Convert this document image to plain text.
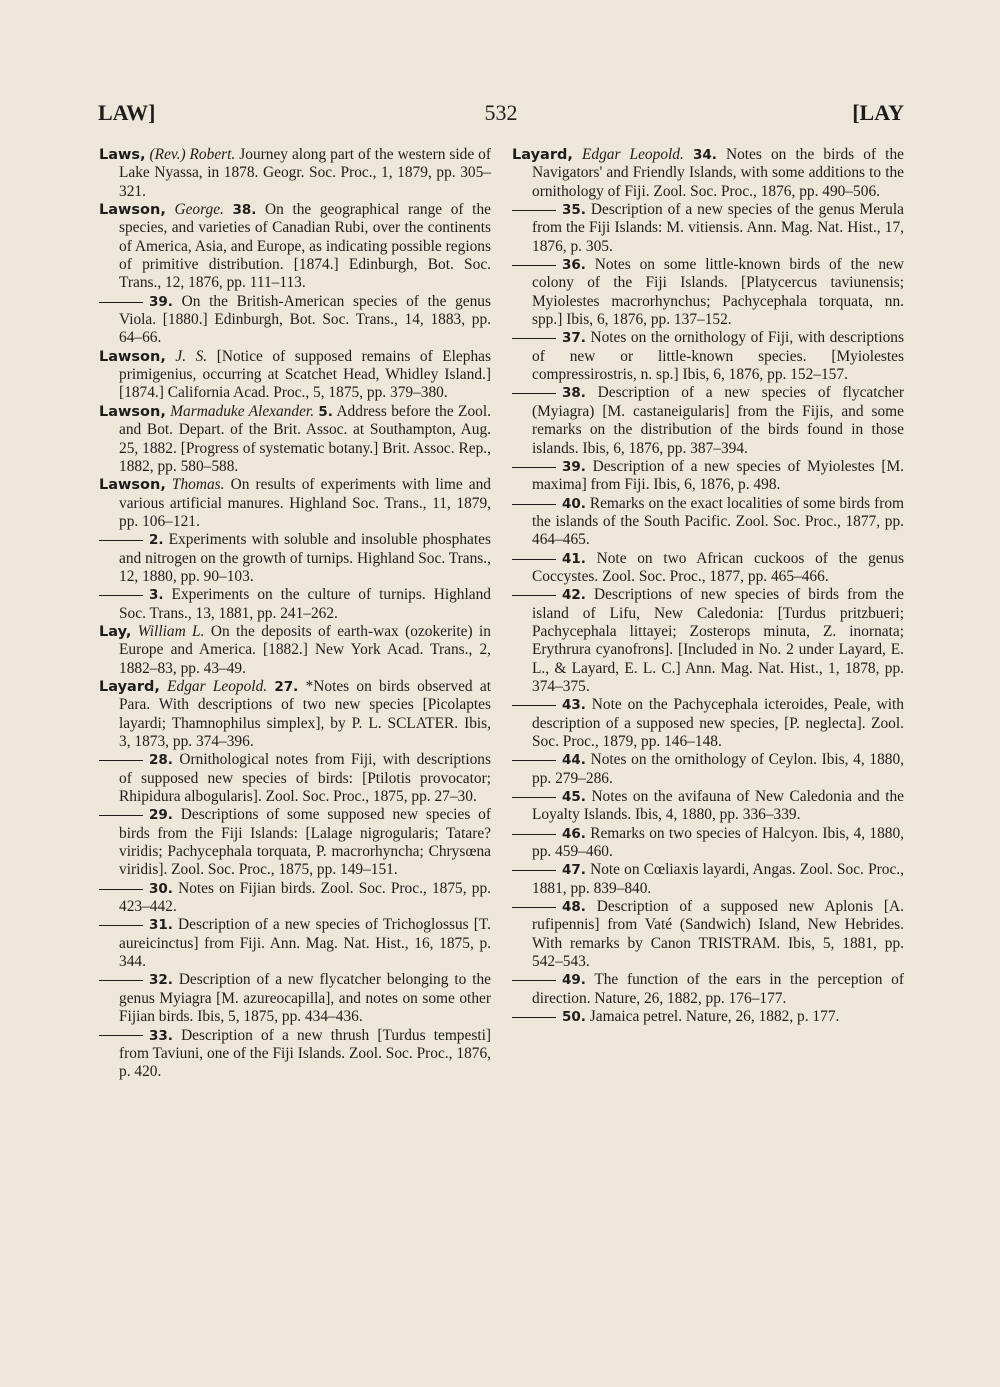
LAW]	532	[LAY

Laws, (Rev.) Robert. Journey along part of the western side of Lake Nyassa, in 1878. Geogr. Soc. Proc., 1, 1879, pp. 305–321.

Lawson, George. 38. On the geographical range of the species, and varieties of Canadian Rubi, over the continents of America, Asia, and Europe, as indicating possible regions of primitive distribution. [1874.] Edinburgh, Bot. Soc. Trans., 12, 1876, pp. 111–113.

39. On the British-American species of the genus Viola. [1880.] Edinburgh, Bot. Soc. Trans., 14, 1883, pp. 64–66.

Lawson, J. S. [Notice of supposed remains of Elephas primigenius, occurring at Scatchet Head, Whidley Island.] [1874.] California Acad. Proc., 5, 1875, pp. 379–380.

Lawson, Marmaduke Alexander. 5. Address before the Zool. and Bot. Depart. of the Brit. Assoc. at Southampton, Aug. 25, 1882. [Progress of systematic botany.] Brit. Assoc. Rep., 1882, pp. 580–588.

Lawson, Thomas. On results of experiments with lime and various artificial manures. Highland Soc. Trans., 11, 1879, pp. 106–121.

2. Experiments with soluble and insoluble phosphates and nitrogen on the growth of turnips. Highland Soc. Trans., 12, 1880, pp. 90–103.

3. Experiments on the culture of turnips. Highland Soc. Trans., 13, 1881, pp. 241–262.

Lay, William L. On the deposits of earth-wax (ozokerite) in Europe and America. [1882.] New York Acad. Trans., 2, 1882–83, pp. 43–49.

Layard, Edgar Leopold. 27. *Notes on birds observed at Para. With descriptions of two new species [Picolaptes layardi; Thamnophilus simplex], by P. L. SCLATER. Ibis, 3, 1873, pp. 374–396.

28. Ornithological notes from Fiji, with descriptions of supposed new species of birds: [Ptilotis provocator; Rhipidura albogularis]. Zool. Soc. Proc., 1875, pp. 27–30.

29. Descriptions of some supposed new species of birds from the Fiji Islands: [Lalage nigrogularis; Tatare? viridis; Pachycephala torquata, P. macrorhyncha; Chrysœna viridis]. Zool. Soc. Proc., 1875, pp. 149–151.

30. Notes on Fijian birds. Zool. Soc. Proc., 1875, pp. 423–442.

31. Description of a new species of Trichoglossus [T. aureicinctus] from Fiji. Ann. Mag. Nat. Hist., 16, 1875, p. 344.

32. Description of a new flycatcher belonging to the genus Myiagra [M. azureocapilla], and notes on some other Fijian birds. Ibis, 5, 1875, pp. 434–436.

33. Description of a new thrush [Turdus tempesti] from Taviuni, one of the Fiji Islands. Zool. Soc. Proc., 1876, p. 420.

Layard, Edgar Leopold. 34. Notes on the birds of the Navigators' and Friendly Islands, with some additions to the ornithology of Fiji. Zool. Soc. Proc., 1876, pp. 490–506.

35. Description of a new species of the genus Merula from the Fiji Islands: M. vitiensis. Ann. Mag. Nat. Hist., 17, 1876, p. 305.

36. Notes on some little-known birds of the new colony of the Fiji Islands. [Platycercus taviunensis; Myiolestes macrorhynchus; Pachycephala torquata, nn. spp.] Ibis, 6, 1876, pp. 137–152.

37. Notes on the ornithology of Fiji, with descriptions of new or little-known species. [Myiolestes compressirostris, n. sp.] Ibis, 6, 1876, pp. 152–157.

38. Description of a new species of flycatcher (Myiagra) [M. castaneigularis] from the Fijis, and some remarks on the distribution of the birds found in those islands. Ibis, 6, 1876, pp. 387–394.

39. Description of a new species of Myiolestes [M. maxima] from Fiji. Ibis, 6, 1876, p. 498.

40. Remarks on the exact localities of some birds from the islands of the South Pacific. Zool. Soc. Proc., 1877, pp. 464–465.

41. Note on two African cuckoos of the genus Coccystes. Zool. Soc. Proc., 1877, pp. 465–466.

42. Descriptions of new species of birds from the island of Lifu, New Caledonia: [Turdus pritzbueri; Pachycephala littayei; Zosterops minuta, Z. inornata; Erythrura cyanofrons]. [Included in No. 2 under Layard, E. L., & Layard, E. L. C.] Ann. Mag. Nat. Hist., 1, 1878, pp. 374–375.

43. Note on the Pachycephala icteroides, Peale, with description of a supposed new species, [P. neglecta]. Zool. Soc. Proc., 1879, pp. 146–148.

44. Notes on the ornithology of Ceylon. Ibis, 4, 1880, pp. 279–286.

45. Notes on the avifauna of New Caledonia and the Loyalty Islands. Ibis, 4, 1880, pp. 336–339.

46. Remarks on two species of Halcyon. Ibis, 4, 1880, pp. 459–460.

47. Note on Cœliaxis layardi, Angas. Zool. Soc. Proc., 1881, pp. 839–840.

48. Description of a supposed new Aplonis [A. rufipennis] from Vaté (Sandwich) Island, New Hebrides. With remarks by Canon TRISTRAM. Ibis, 5, 1881, pp. 542–543.

49. The function of the ears in the perception of direction. Nature, 26, 1882, pp. 176–177.

50. Jamaica petrel. Nature, 26, 1882, p. 177.
